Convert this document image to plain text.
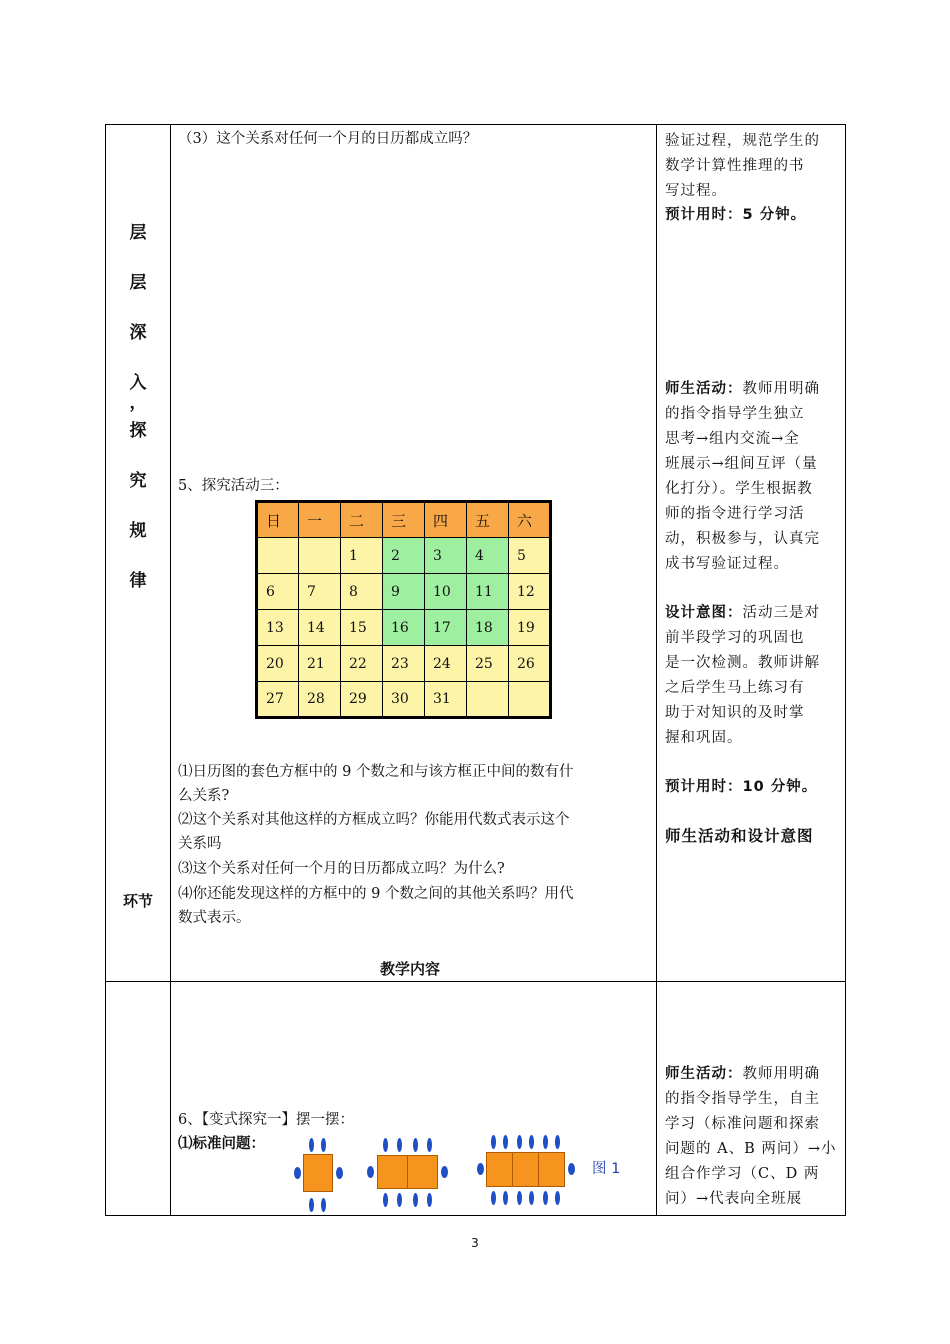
层
层
深
入
，
探
究
规
律
环节
（3）这个关系对任何一个月的日历都成立吗？
5、探究活动三：
日	一	二	三	四	五	六
		1	2	3	4	5
6	7	8	9	10	11	12
13	14	15	16	17	18	19
20	21	22	23	24	25	26
27	28	29	30	31		
⑴日历图的套色方框中的 9 个数之和与该方框正中间的数有什
么关系?
⑵这个关系对其他这样的方框成立吗？你能用代数式表示这个
关系吗
⑶这个关系对任何一个月的日历都成立吗？为什么?
⑷你还能发现这样的方框中的 9 个数之间的其他关系吗？用代
数式表示。
教学内容
6、【变式探究一】摆一摆：
⑴标准问题：
图 1
验证过程，规范学生的
数学计算性推理的书
写过程。
预计用时：5 分钟。
师生活动：教师用明确
的指令指导学生独立
思考→组内交流→全
班展示→组间互评（量
化打分）。学生根据教
师的指令进行学习活
动，积极参与，认真完
成书写验证过程。
设计意图：活动三是对
前半段学习的巩固也
是一次检测。教师讲解
之后学生马上练习有
助于对知识的及时掌
握和巩固。
预计用时：10 分钟。
师生活动和设计意图
师生活动：教师用明确
的指令指导学生，自主
学习（标准问题和探索
问题的 A、B 两问）→小
组合作学习（C、D 两
问）→代表向全班展
3
